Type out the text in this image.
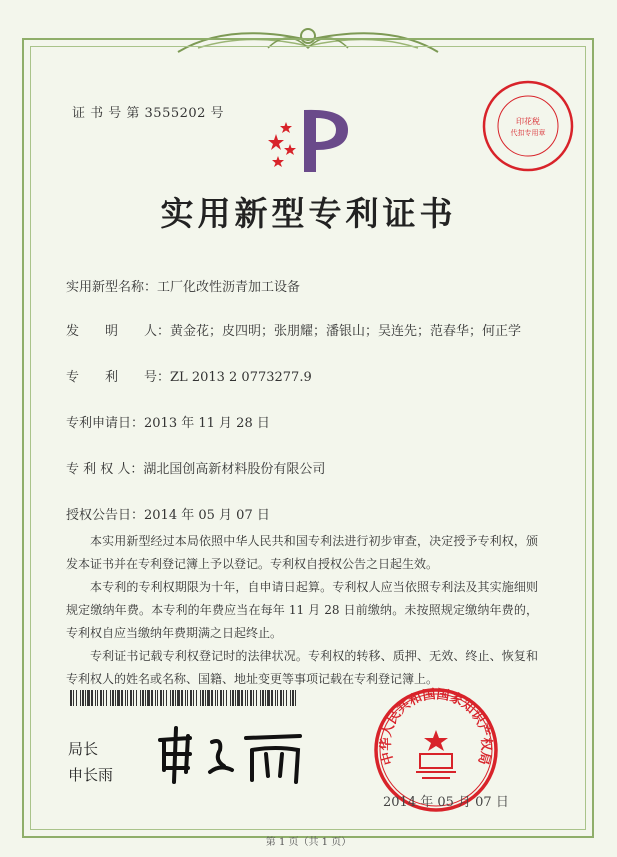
证 书 号 第 3555202 号
印花税
代扣专用章
实用新型专利证书
实用新型名称：工厂化改性沥青加工设备
发　　明　　人：黄金花；皮四明；张朋耀；潘银山；吴连先；范春华；何正学
专　　利　　号：ZL 2013 2 0773277.9
专利申请日：2013 年 11 月 28 日
专 利 权 人：湖北国创高新材料股份有限公司
授权公告日：2014 年 05 月 07 日

本实用新型经过本局依照中华人民共和国专利法进行初步审查，决定授予专利权，颁发本证书并在专利登记簿上予以登记。专利权自授权公告之日起生效。

本专利的专利权期限为十年，自申请日起算。专利权人应当依照专利法及其实施细则规定缴纳年费。本专利的年费应当在每年 11 月 28 日前缴纳。未按照规定缴纳年费的，专利权自应当缴纳年费期满之日起终止。

专利证书记载专利权登记时的法律状况。专利权的转移、质押、无效、终止、恢复和专利权人的姓名或名称、国籍、地址变更等事项记载在专利登记簿上。

局长
申长雨
中华人民共和国国家知识产权局
2014 年 05 月 07 日
第 1 页（共 1 页）
